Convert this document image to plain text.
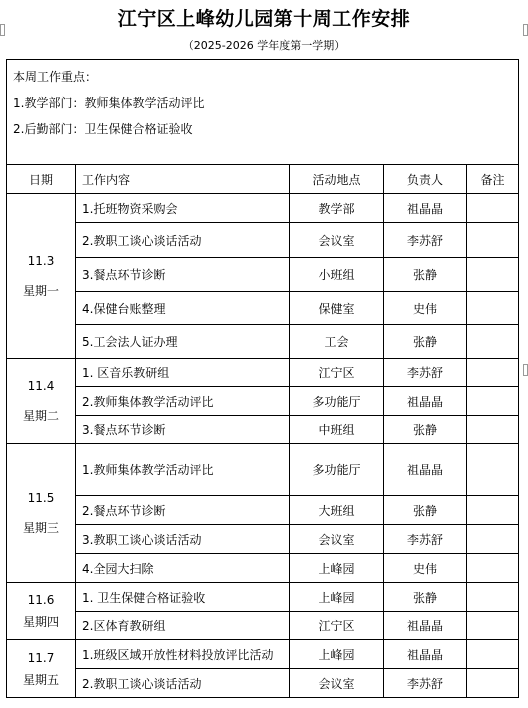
江宁区上峰幼儿园第十周工作安排
（2025-2026 学年度第一学期）
本周工作重点：
1.教学部门：教师集体教学活动评比
2.后勤部门：卫生保健合格证验收				

日期	工作内容	活动地点	负责人	备注

11.3
星期一	1.托班物资采购会	教学部	祖晶晶	
	2.教职工谈心谈话活动	会议室	李苏舒	
	3.餐点环节诊断	小班组	张静	
	4.保健台账整理	保健室	史伟	
	5.工会法人证办理	工会	张静	

11.4
星期二	1. 区音乐教研组	江宁区	李苏舒	
	2.教师集体教学活动评比	多功能厅	祖晶晶	
	3.餐点环节诊断	中班组	张静	

11.5
星期三	1.教师集体教学活动评比	多功能厅	祖晶晶	
	2.餐点环节诊断	大班组	张静	
	3.教职工谈心谈话活动	会议室	李苏舒	
	4.全园大扫除	上峰园	史伟	

11.6
星期四	1. 卫生保健合格证验收	上峰园	张静	
	2.区体育教研组	江宁区	祖晶晶	

11.7
星期五	1.班级区域开放性材料投放评比活动	上峰园	祖晶晶	
	2.教职工谈心谈话活动	会议室	李苏舒	
